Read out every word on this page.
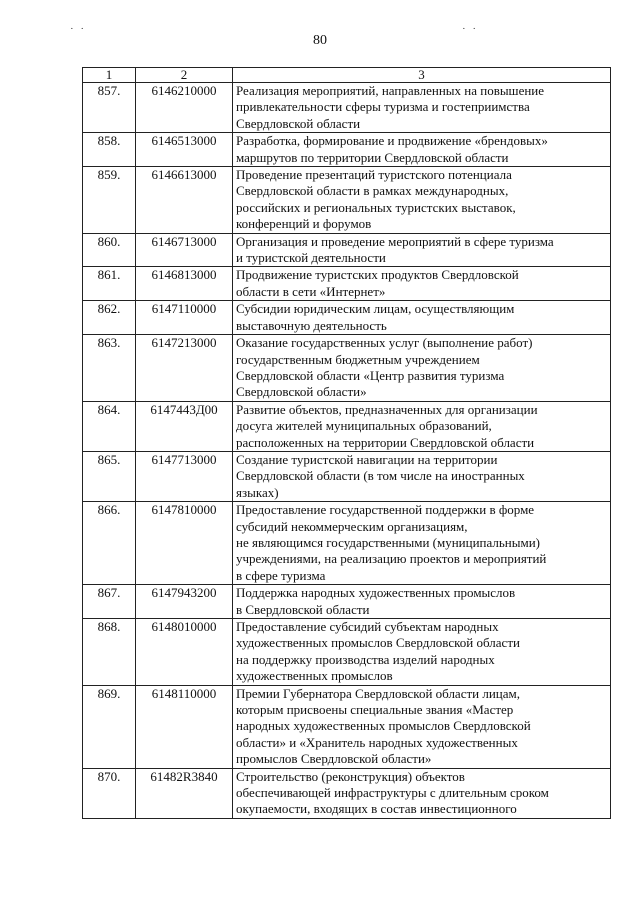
˙ ˙	˙ ˙
80
1	2	3
857.	6146210000	Реализация мероприятий, направленных на повышение
привлекательности сферы туризма и гостеприимства
Свердловской области

858.	6146513000	Разработка, формирование и продвижение «брендовых»
маршрутов по территории Свердловской области

859.	6146613000	Проведение презентаций туристского потенциала
Свердловской области в рамках международных,
российских и региональных туристских выставок,
конференций и форумов

860.	6146713000	Организация и проведение мероприятий в сфере туризма
и туристской деятельности

861.	6146813000	Продвижение туристских продуктов Свердловской
области в сети «Интернет»

862.	6147110000	Субсидии юридическим лицам, осуществляющим
выставочную деятельность

863.	6147213000	Оказание государственных услуг (выполнение работ)
государственным бюджетным учреждением
Свердловской области «Центр развития туризма
Свердловской области»

864.	6147443Д00	Развитие объектов, предназначенных для организации
досуга жителей муниципальных образований,
расположенных на территории Свердловской области

865.	6147713000	Создание туристской навигации на территории
Свердловской области (в том числе на иностранных
языках)

866.	6147810000	Предоставление государственной поддержки в форме
субсидий некоммерческим организациям,
не являющимся государственными (муниципальными)
учреждениями, на реализацию проектов и мероприятий
в сфере туризма

867.	6147943200	Поддержка народных художественных промыслов
в Свердловской области

868.	6148010000	Предоставление субсидий субъектам народных
художественных промыслов Свердловской области
на поддержку производства изделий народных
художественных промыслов

869.	6148110000	Премии Губернатора Свердловской области лицам,
которым присвоены специальные звания «Мастер
народных художественных промыслов Свердловской
области» и «Хранитель народных художественных
промыслов Свердловской области»

870.	61482R3840	Строительство (реконструкция) объектов
обеспечивающей инфраструктуры с длительным сроком
окупаемости, входящих в состав инвестиционного
